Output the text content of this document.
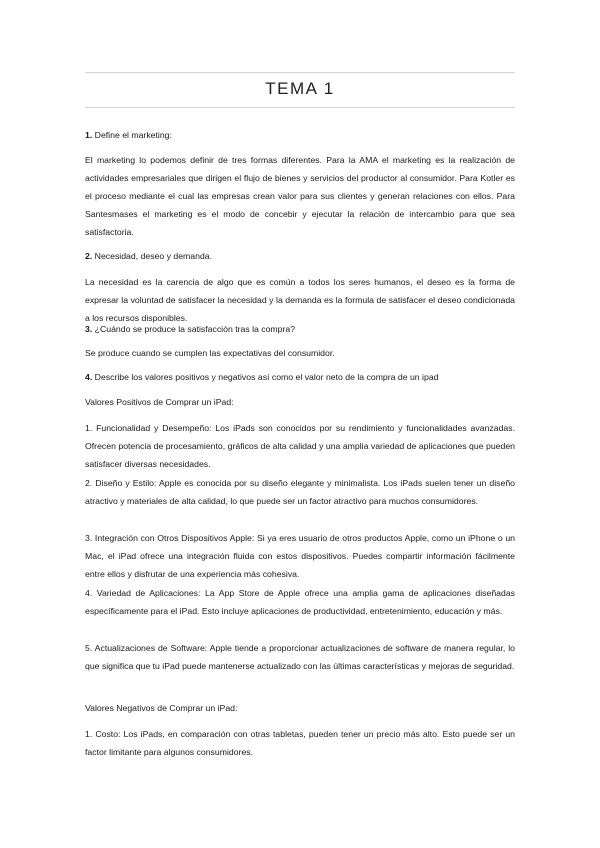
TEMA 1
1. Define el marketing:
El marketing lo podemos definir de tres formas diferentes. Para la AMA el marketing es la realización de actividades empresariales que dirigen el flujo de bienes y servicios del productor al consumidor. Para Kotler es el proceso mediante el cual las empresas crean valor para sus clientes y generan relaciones con ellos. Para Santesmases el marketing es el modo de concebir y ejecutar la relación de intercambio para que sea satisfactoria.
2. Necesidad, deseo y demanda.
La necesidad es la carencia de algo que es común a todos los seres humanos, el deseo es la forma de expresar la voluntad de satisfacer la necesidad y la demanda es la formula de satisfacer el deseo condicionada a los recursos disponibles.
3. ¿Cuándo se produce la satisfacción tras la compra?
Se produce cuando se cumplen las expectativas del consumidor.
4. Describe los valores positivos y negativos así como el valor neto de la compra de un ipad
Valores Positivos de Comprar un iPad:
1. Funcionalidad y Desempeño: Los iPads son conocidos por su rendimiento y funcionalidades avanzadas. Ofrecen potencia de procesamiento, gráficos de alta calidad y una amplia variedad de aplicaciones que pueden satisfacer diversas necesidades.
2. Diseño y Estilo: Apple es conocida por su diseño elegante y minimalista. Los iPads suelen tener un diseño atractivo y materiales de alta calidad, lo que puede ser un factor atractivo para muchos consumidores.
3. Integración con Otros Dispositivos Apple: Si ya eres usuario de otros productos Apple, como un iPhone o un Mac, el iPad ofrece una integración fluida con estos dispositivos. Puedes compartir información fácilmente entre ellos y disfrutar de una experiencia más cohesiva.
4. Variedad de Aplicaciones: La App Store de Apple ofrece una amplia gama de aplicaciones diseñadas específicamente para el iPad. Esto incluye aplicaciones de productividad, entretenimiento, educación y más.
5. Actualizaciones de Software: Apple tiende a proporcionar actualizaciones de software de manera regular, lo que significa que tu iPad puede mantenerse actualizado con las últimas características y mejoras de seguridad.
Valores Negativos de Comprar un iPad:
1. Costo: Los iPads, en comparación con otras tabletas, pueden tener un precio más alto. Esto puede ser un factor limitante para algunos consumidores.
